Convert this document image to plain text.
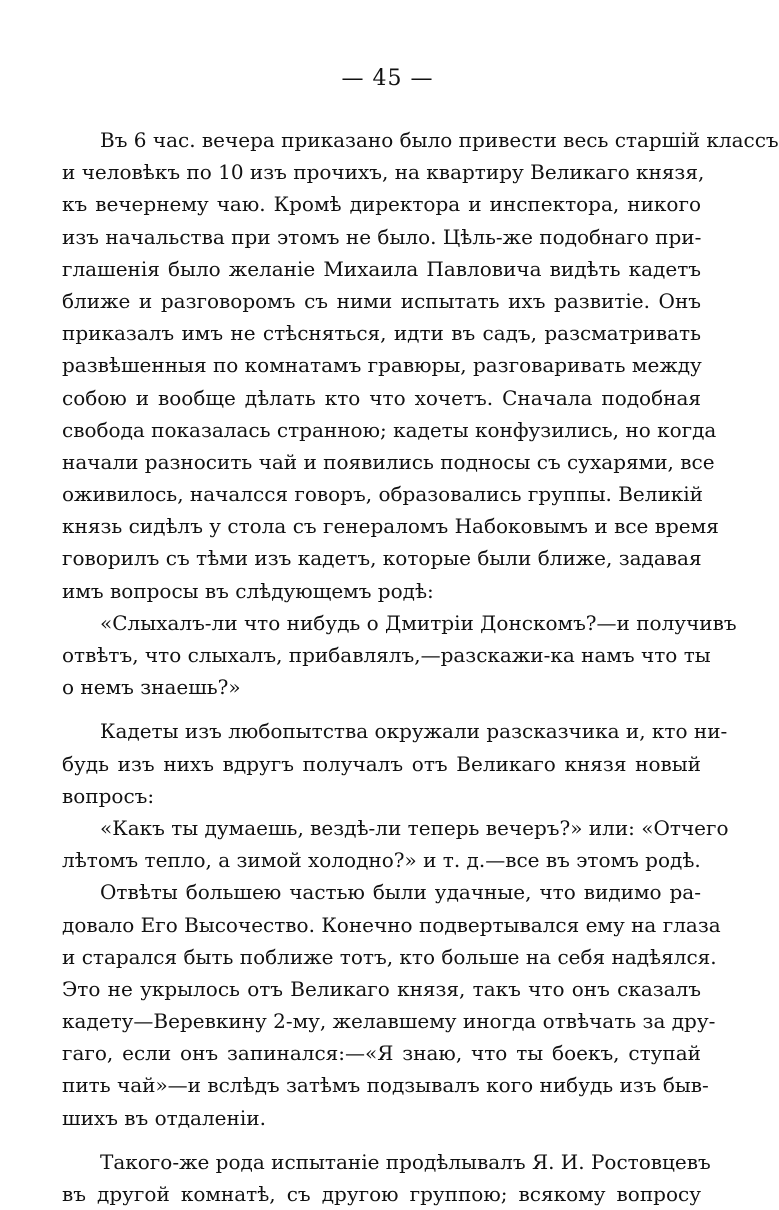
— 45 —
Въ 6 час. вечера приказано было привести весь старшій классъ
и человѣкъ по 10 изъ прочихъ, на квартиру Великаго князя,
къ вечернему чаю. Кромѣ директора и инспектора, никого
изъ начальства при этомъ не было. Цѣль-же подобнаго при-
глашенія было желаніе Михаила Павловича видѣть кадетъ
ближе и разговоромъ съ ними испытать ихъ развитіе. Онъ
приказалъ имъ не стѣсняться, идти въ садъ, разсматривать
развѣшенныя по комнатамъ гравюры, разговаривать между
собою и вообще дѣлать кто что хочетъ. Сначала подобная
свобода показалась странною; кадеты конфузились, но когда
начали разносить чай и появились подносы съ сухарями, все
оживилось, началсся говоръ, образовались группы. Великій
князь сидѣлъ у стола съ генераломъ Набоковымъ и все время
говорилъ съ тѣми изъ кадетъ, которые были ближе, задавая
имъ вопросы въ слѣдующемъ родѣ:
«Слыхалъ-ли что нибудь о Дмитріи Донскомъ?—и получивъ
отвѣтъ, что слыхалъ, прибавлялъ,—разскажи-ка намъ что ты
о немъ знаешь?»
Кадеты изъ любопытства окружали разсказчика и, кто ни-
будь изъ нихъ вдругъ получалъ отъ Великаго князя новый
вопросъ:
«Какъ ты думаешь, вездѣ-ли теперь вечеръ?» или: «Отчего
лѣтомъ тепло, а зимой холодно?» и т. д.—все въ этомъ родѣ.
Отвѣты большею частью были удачные, что видимо ра-
довало Его Высочество. Конечно подвертывался ему на глаза
и старался быть поближе тотъ, кто больше на себя надѣялся.
Это не укрылось отъ Великаго князя, такъ что онъ сказалъ
кадету—Веревкину 2-му, желавшему иногда отвѣчать за дру-
гаго, если онъ запинался:—«Я знаю, что ты боекъ, ступай
пить чай»—и вслѣдъ затѣмъ подзывалъ кого нибудь изъ быв-
шихъ въ отдаленіи.
Такого-же рода испытаніе продѣлывалъ Я. И. Ростовцевъ
въ другой комнатѣ, съ другою группою; всякому вопросу
